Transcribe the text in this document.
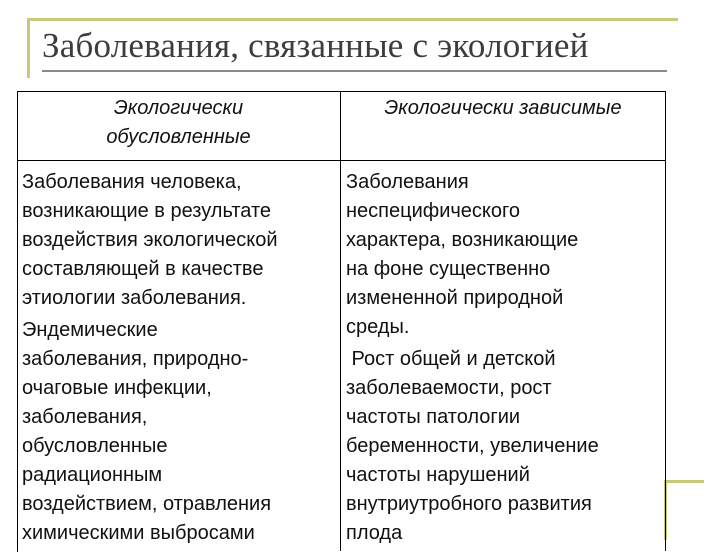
Заболевания, связанные с экологией
Экологически
обусловленные
Экологически зависимые
Заболевания человека,
возникающие в результате
воздействия экологической
составляющей в качестве
этиологии заболевания.
Эндемические
заболевания, природно-
очаговые инфекции,
заболевания,
обусловленные
радиационным
воздействием, отравления
химическими выбросами
Заболевания
неспецифического
характера, возникающие
на фоне существенно
измененной природной
среды.
Рост общей и детской
заболеваемости, рост
частоты патологии
беременности, увеличение
частоты нарушений
внутриутробного развития
плода
